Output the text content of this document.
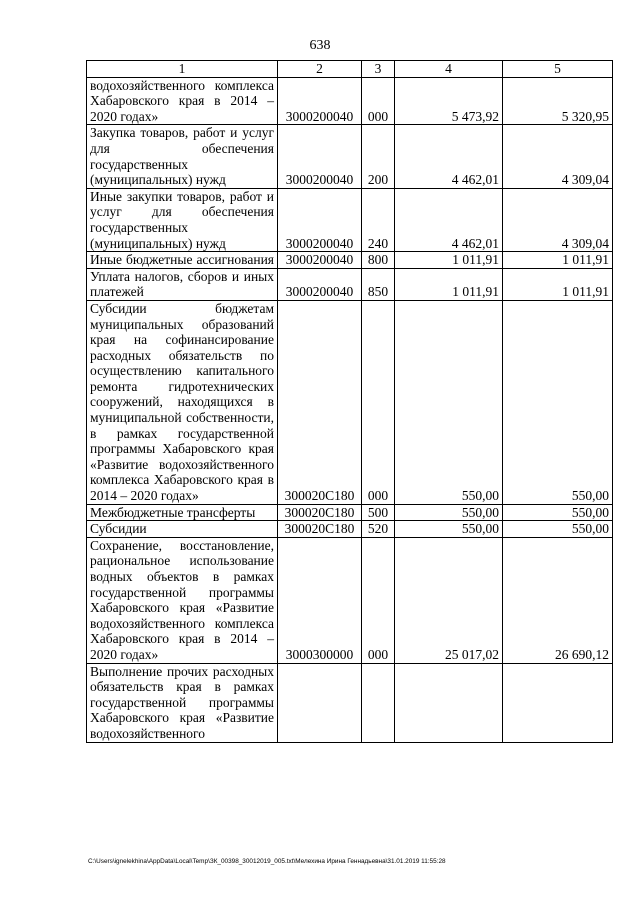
638
1	2	3	4	5
водохозяйственного комплекса Хабаровского края в 2014 – 2020 годах»	3000200040	000	5 473,92	5 320,95
Закупка товаров, работ и услуг для обеспечения государственных (муниципальных) нужд	3000200040	200	4 462,01	4 309,04
Иные закупки товаров, работ и услуг для обеспечения государственных (муниципальных) нужд	3000200040	240	4 462,01	4 309,04
Иные бюджетные ассигнования	3000200040	800	1 011,91	1 011,91
Уплата налогов, сборов и иных платежей	3000200040	850	1 011,91	1 011,91
Субсидии бюджетам муниципальных образований края на софинансирование расходных обязательств по осуществлению капитального ремонта гидротехнических сооружений, находящихся в муниципальной собственности, в рамках государственной программы Хабаровского края «Развитие водохозяйственного комплекса Хабаровского края в 2014 – 2020 годах»	300020С180	000	550,00	550,00
Межбюджетные трансферты	300020С180	500	550,00	550,00
Субсидии	300020С180	520	550,00	550,00
Сохранение, восстановление, рациональное использование водных объектов в рамках государственной программы Хабаровского края «Развитие водохозяйственного комплекса Хабаровского края в 2014 – 2020 годах»	3000300000	000	25 017,02	26 690,12
Выполнение прочих расходных обязательств края в рамках государственной программы Хабаровского края «Развитие водохозяйственного				
C:\Users\ignelekhina\AppData\Local\Temp\ЗК_00398_30012019_005.txt\Мелехина Ирина Геннадьевна\31.01.2019 11:55:28
